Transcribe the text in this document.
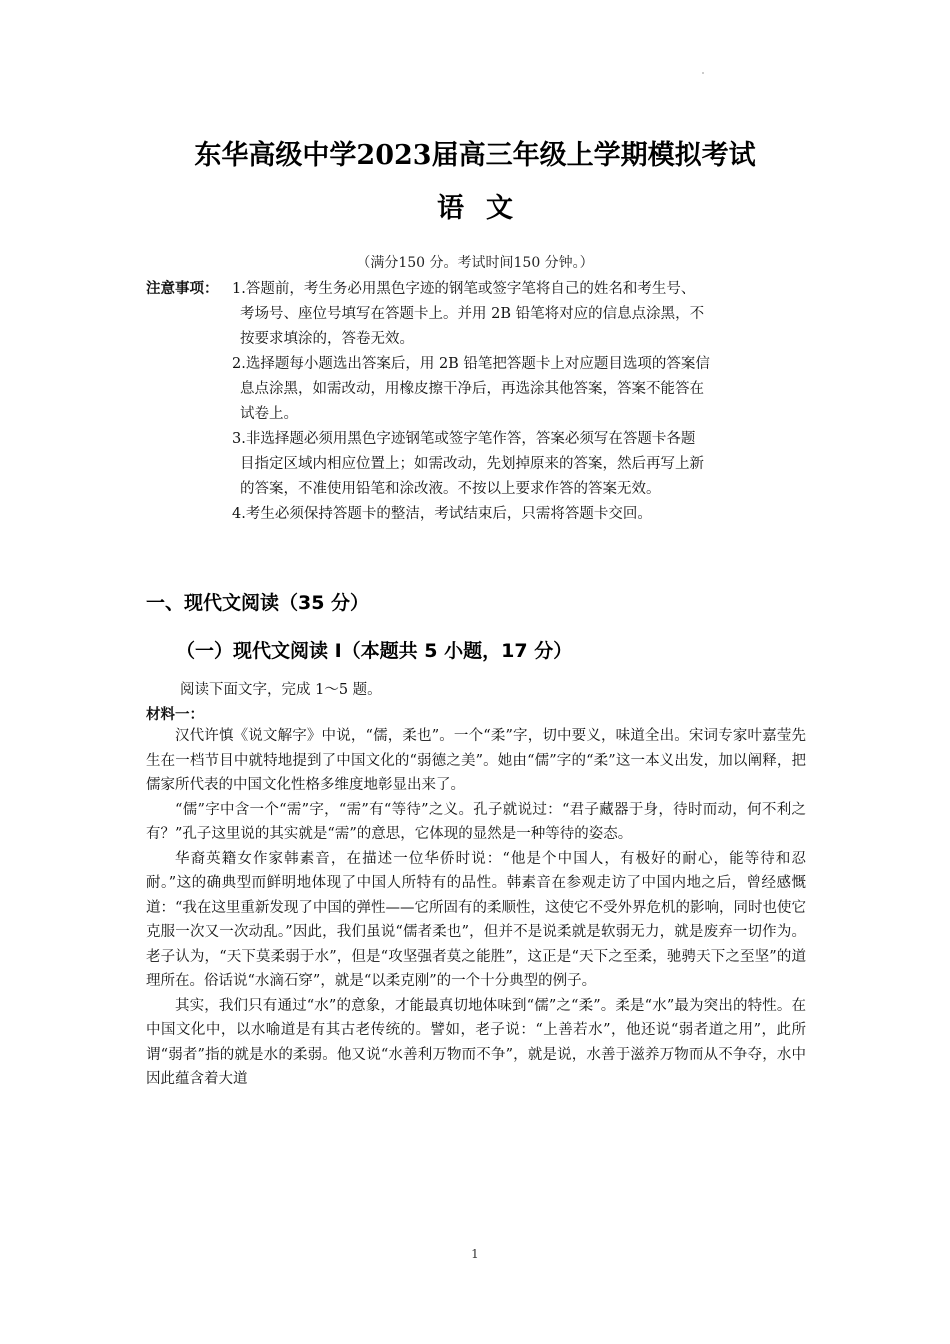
东华高级中学2023届高三年级上学期模拟考试
语文
（满分150 分。考试时间150 分钟。）
注意事项： 1.答题前，考生务必用黑色字迹的钢笔或签字笔将自己的姓名和考生号、
考场号、座位号填写在答题卡上。并用 2B 铅笔将对应的信息点涂黑，不
按要求填涂的，答卷无效。
2.选择题每小题选出答案后，用 2B 铅笔把答题卡上对应题目选项的答案信
息点涂黑，如需改动，用橡皮擦干净后，再选涂其他答案，答案不能答在
试卷上。
3.非选择题必须用黑色字迹钢笔或签字笔作答，答案必须写在答题卡各题
目指定区域内相应位置上；如需改动，先划掉原来的答案，然后再写上新
的答案，不准使用铅笔和涂改液。不按以上要求作答的答案无效。
4.考生必须保持答题卡的整洁，考试结束后，只需将答题卡交回。
一、现代文阅读（35 分）
（一）现代文阅读 I（本题共 5 小题，17 分）
阅读下面文字，完成 1～5 题。
材料一：

汉代许慎《说文解字》中说，“儒，柔也”。一个“柔”字，切中要义，味道全出。宋词专家叶嘉莹先生在一档节目中就特地提到了中国文化的“弱德之美”。她由“儒”字的“柔”这一本义出发，加以阐释，把儒家所代表的中国文化性格多维度地彰显出来了。

“儒”字中含一个“需”字，“需”有“等待”之义。孔子就说过：“君子藏器于身，待时而动，何不利之有？”孔子这里说的其实就是“需”的意思，它体现的显然是一种等待的姿态。

华裔英籍女作家韩素音，在描述一位华侨时说：“他是个中国人，有极好的耐心，能等待和忍耐。”这的确典型而鲜明地体现了中国人所特有的品性。韩素音在参观走访了中国内地之后，曾经感慨道：“我在这里重新发现了中国的弹性——它所固有的柔顺性，这使它不受外界危机的影响，同时也使它克服一次又一次动乱。”因此，我们虽说“儒者柔也”，但并不是说柔就是软弱无力，就是废弃一切作为。老子认为，“天下莫柔弱于水”，但是“攻坚强者莫之能胜”，这正是“天下之至柔，驰骋天下之至坚”的道理所在。俗话说“水滴石穿”，就是“以柔克刚”的一个十分典型的例子。

其实，我们只有通过“水”的意象，才能最真切地体味到“儒”之“柔”。柔是“水”最为突出的特性。在中国文化中，以水喻道是有其古老传统的。譬如，老子说：“上善若水”，他还说“弱者道之用”，此所谓“弱者”指的就是水的柔弱。他又说“水善利万物而不争”，就是说，水善于滋养万物而从不争夺，水中因此蕴含着大道

1
